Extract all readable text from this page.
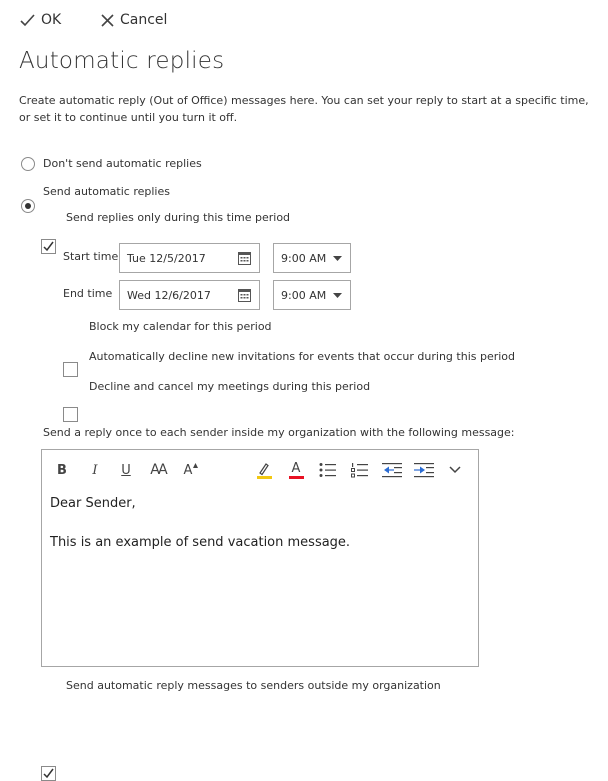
OK	Cancel
Automatic replies
Create automatic reply (Out of Office) messages here. You can set your reply to start at a specific time, or set it to continue until you turn it off.
Don't send automatic replies
Send automatic replies
Send replies only during this time period
Start time Tue 12/5/2017	9:00 AM
End time Wed 12/6/2017	9:00 AM
Block my calendar for this period
Automatically decline new invitations for events that occur during this period
Decline and cancel my meetings during this period
Send a reply once to each sender inside my organization with the following message:
B	I	U	AA	A	A
Dear Sender,
This is an example of send vacation message.
Send automatic reply messages to senders outside my organization
